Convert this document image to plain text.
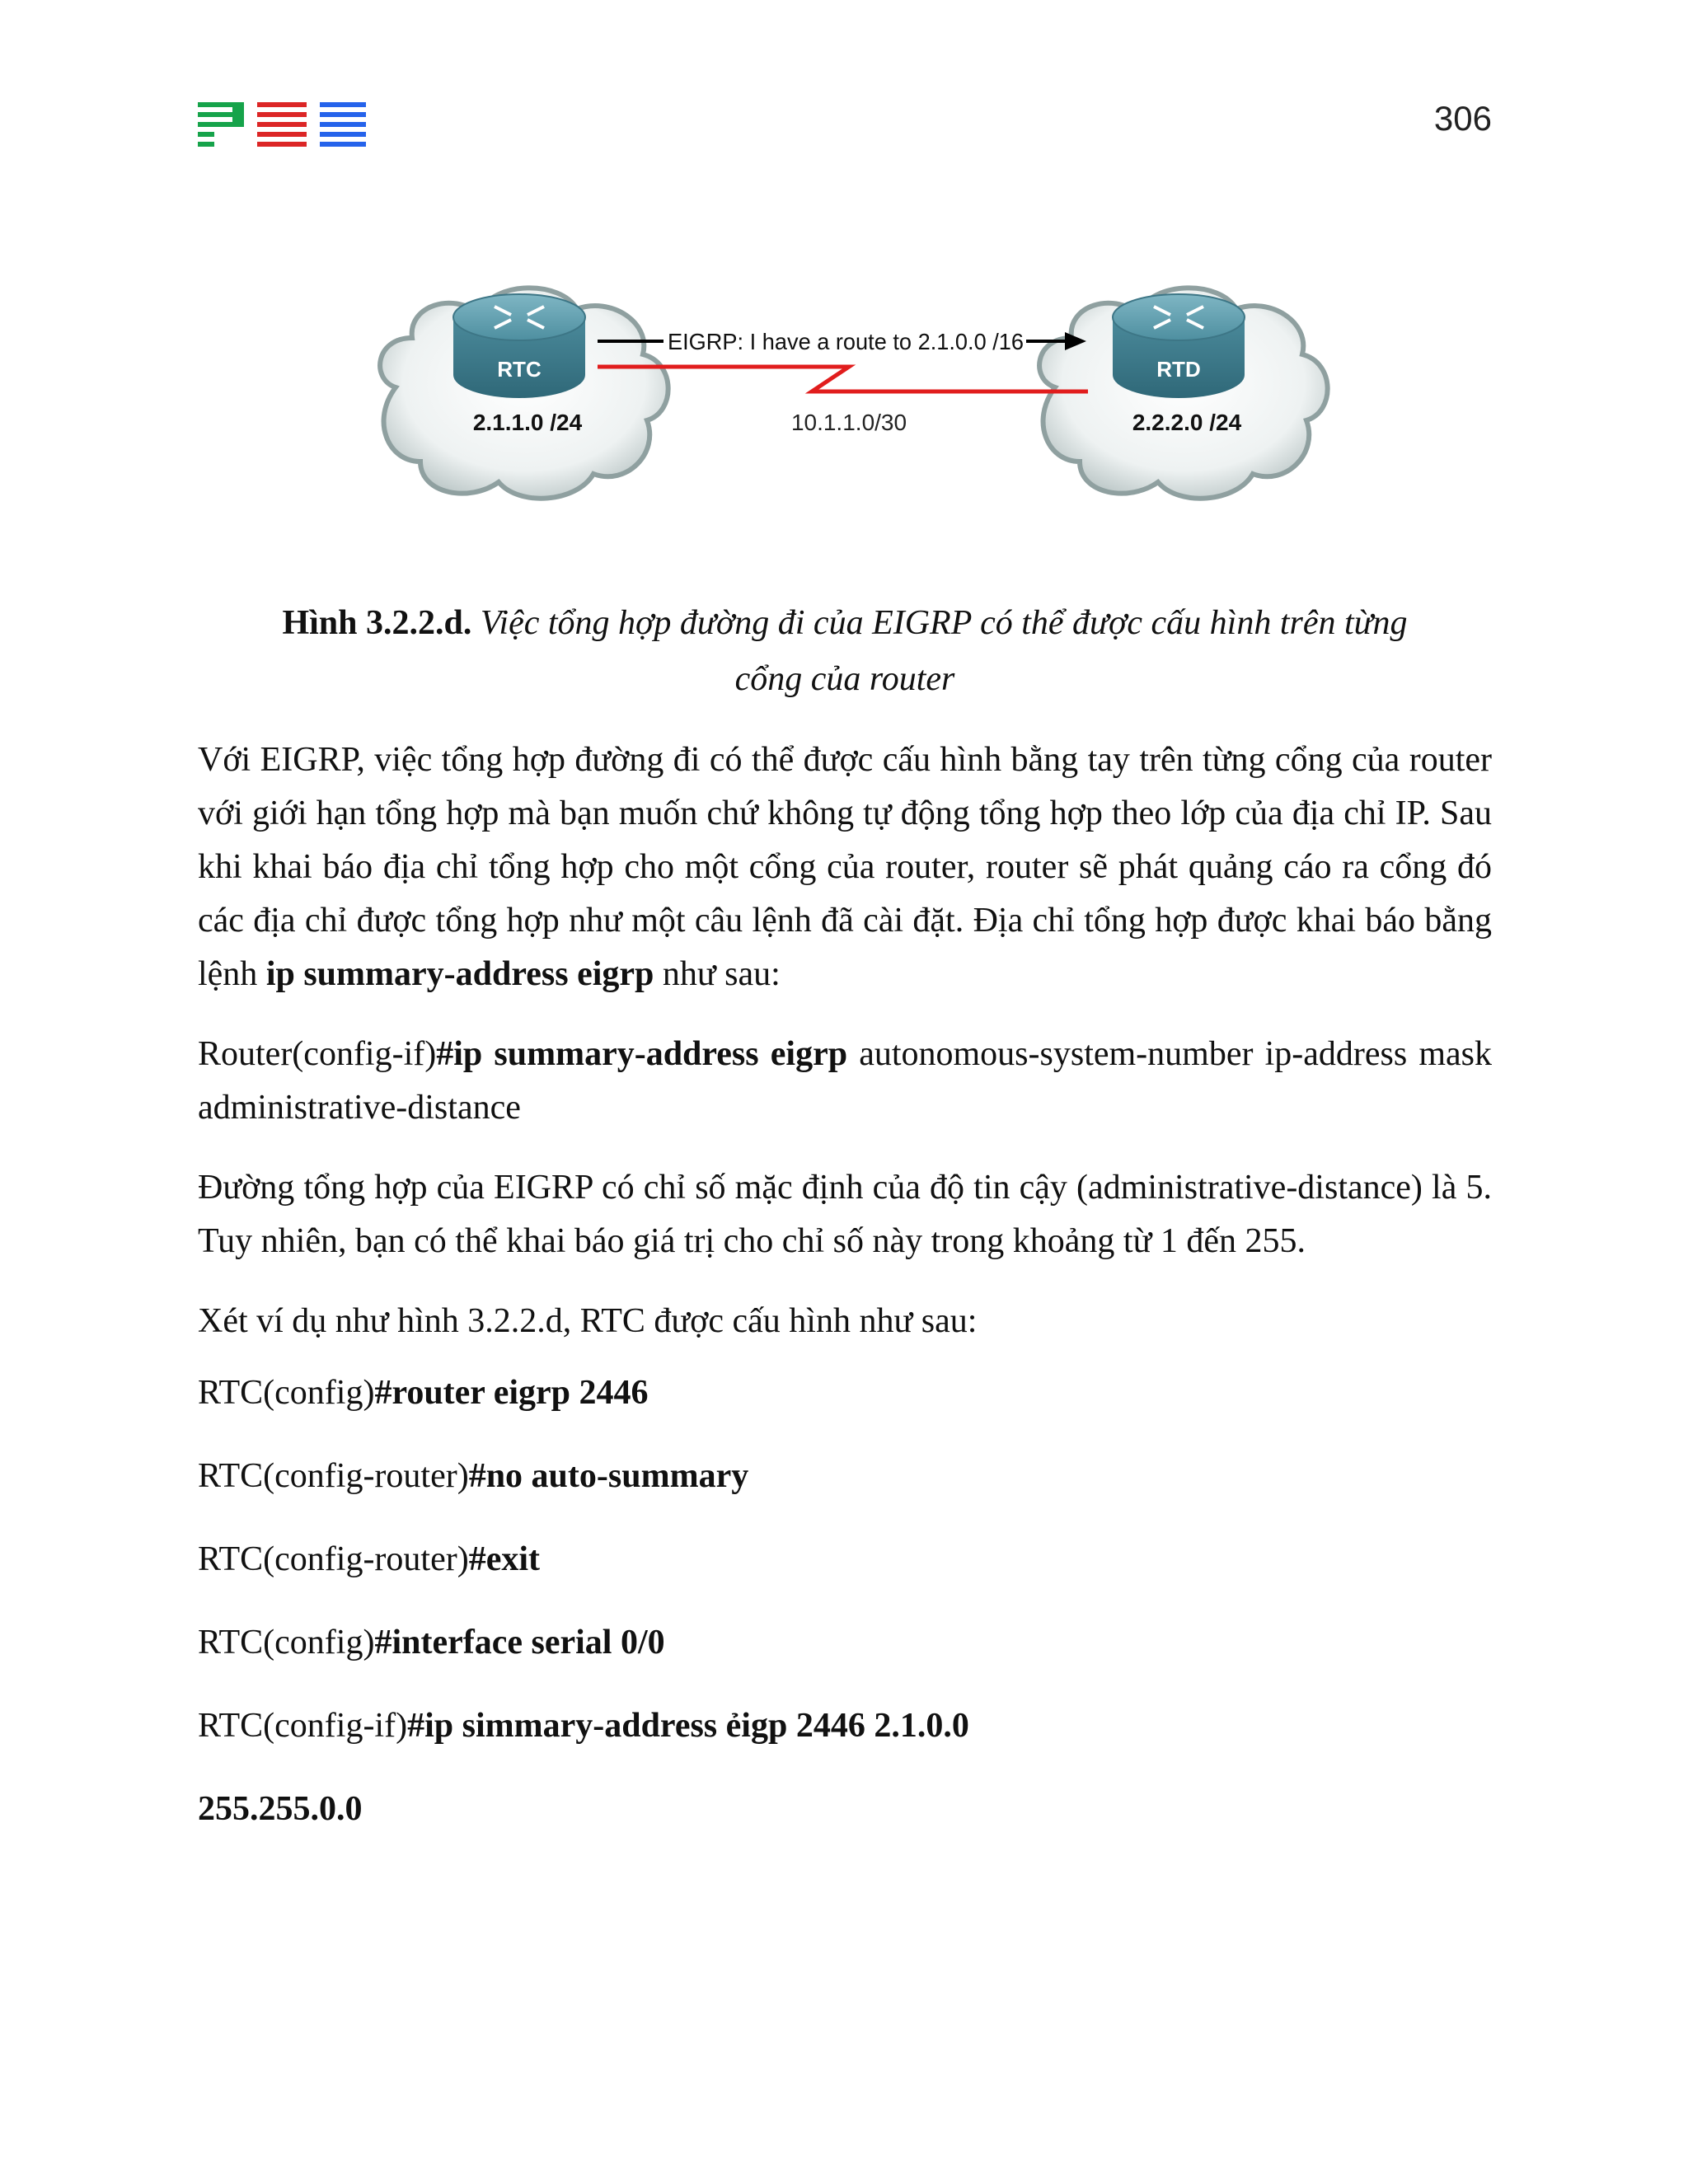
306
RTC	RTD
2.1.1.0 /24	2.2.2.0 /24
10.1.1.0/30
EIGRP: I have a route to 2.1.0.0 /16
Hình 3.2.2.d. Việc tổng hợp đường đi của EIGRP có thể được cấu hình trên từng
cổng của router

Với EIGRP, việc tổng hợp đường đi có thể được cấu hình bằng tay trên từng cổng của router với giới hạn tổng hợp mà bạn muốn chứ không tự động tổng hợp theo lớp của địa chỉ IP. Sau khi khai báo địa chỉ tổng hợp cho một cổng của router, router sẽ phát quảng cáo ra cổng đó các địa chỉ được tổng hợp như một câu lệnh đã cài đặt. Địa chỉ tổng hợp được khai báo bằng lệnh ip summary-address eigrp như sau:

Router(config-if)#ip summary-address eigrp autonomous-system-number ip-address mask administrative-distance

Đường tổng hợp của EIGRP có chỉ số mặc định của độ tin cậy (administrative-distance) là 5. Tuy nhiên, bạn có thể khai báo giá trị cho chỉ số này trong khoảng từ 1 đến 255.

Xét ví dụ như hình 3.2.2.d, RTC được cấu hình như sau:

RTC(config)#router eigrp 2446

RTC(config-router)#no auto-summary

RTC(config-router)#exit

RTC(config)#interface serial 0/0

RTC(config-if)#ip simmary-address ẻigp 2446 2.1.0.0

255.255.0.0
